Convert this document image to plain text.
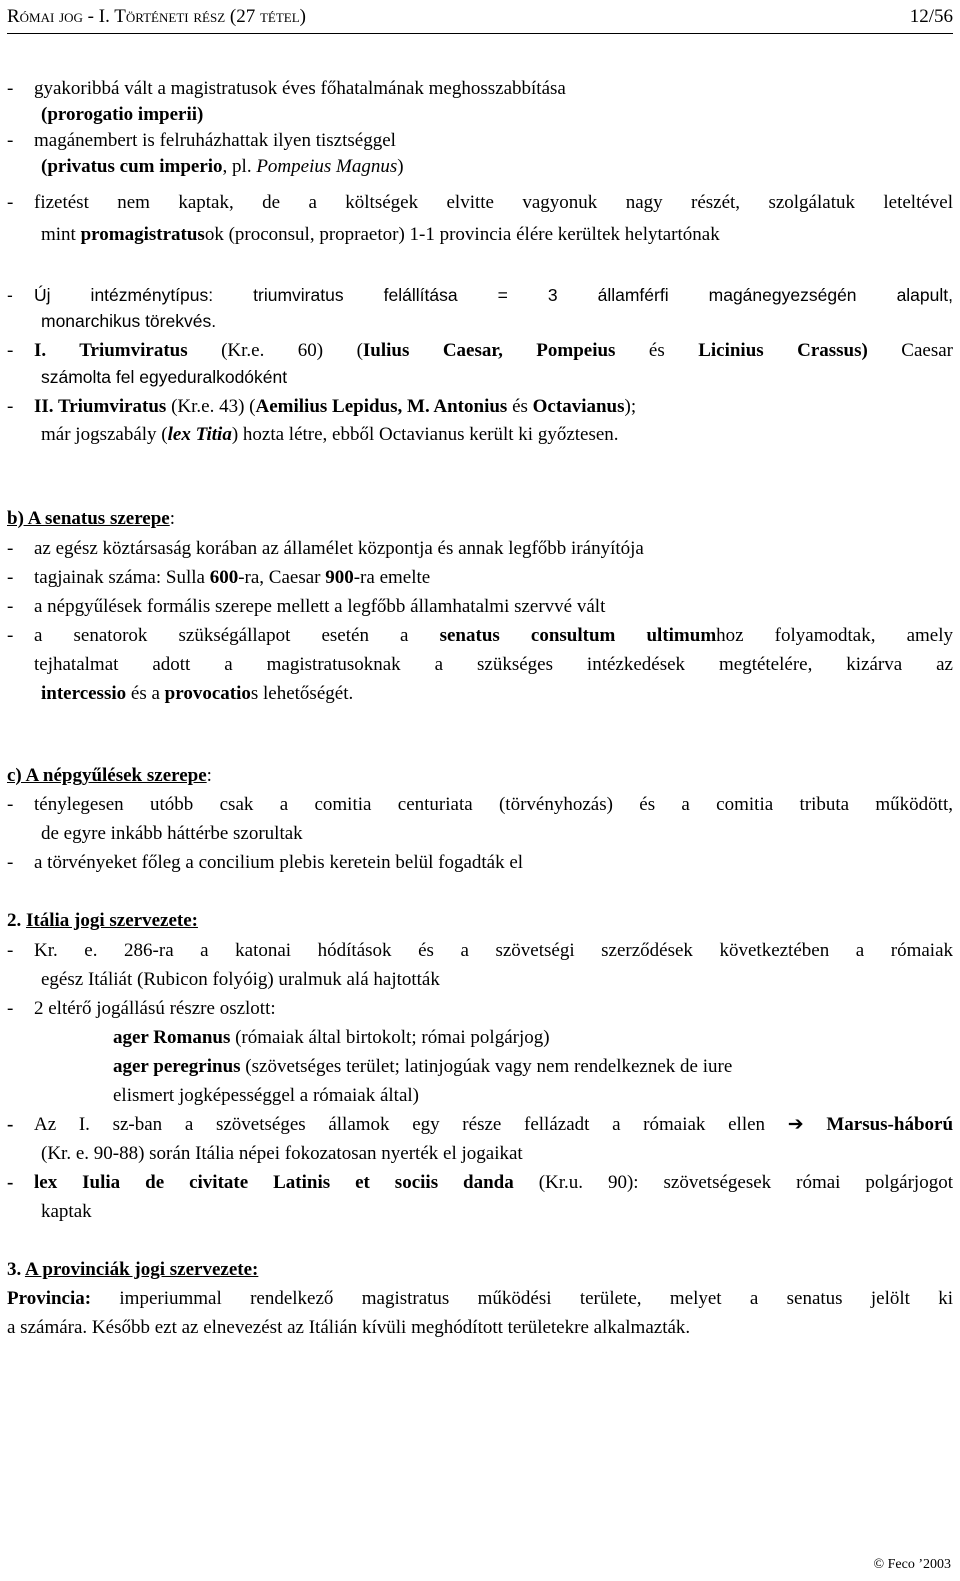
Római jog - I. Történeti rész (27 tétel)	12/56
- gyakoribbá vált a magistratusok éves főhatalmának meghosszabbítása
(prorogatio imperii)
- magánembert is felruházhattak ilyen tisztséggel
(privatus cum imperio, pl. Pompeius Magnus)
- fizetést nem kaptak, de a költségek elvitte vagyonuk nagy részét, szolgálatuk leteltével
mint promagistratusok (proconsul, propraetor) 1-1 provincia élére kerültek helytartónak
- Új intézménytípus: triumviratus felállítása = 3 államférfi magánegyezségén alapult,
monarchikus törekvés.
- I. Triumviratus (Kr.e. 60) (Iulius Caesar, Pompeius és Licinius Crassus) Caesar
számolta fel egyeduralkodóként
- II. Triumviratus (Kr.e. 43) (Aemilius Lepidus, M. Antonius és Octavianus);
már jogszabály (lex Titia) hozta létre, ebből Octavianus került ki győztesen.
b) A senatus szerepe:
- az egész köztársaság korában az államélet központja és annak legfőbb irányítója
- tagjainak száma: Sulla 600-ra, Caesar 900-ra emelte
- a népgyűlések formális szerepe mellett a legfőbb államhatalmi szervvé vált
- a senatorok szükségállapot esetén a senatus consultum ultimumhoz folyamodtak, amely
tejhatalmat adott a magistratusoknak a szükséges intézkedések megtételére, kizárva az
intercessio és a provocatios lehetőségét.
c) A népgyűlések szerepe:
- ténylegesen utóbb csak a comitia centuriata (törvényhozás) és a comitia tributa működött,
de egyre inkább háttérbe szorultak
- a törvényeket főleg a concilium plebis keretein belül fogadták el
2. Itália jogi szervezete:
- Kr. e. 286-ra a katonai hódítások és a szövetségi szerződések következtében a rómaiak
egész Itáliát (Rubicon folyóig) uralmuk alá hajtották
- 2 eltérő jogállású részre oszlott:
ager Romanus (rómaiak által birtokolt; római polgárjog)
ager peregrinus (szövetséges terület; latinjogúak vagy nem rendelkeznek de iure
elismert jogképességgel a rómaiak által)
- Az I. sz-ban a szövetséges államok egy része fellázadt a rómaiak ellen ➔ Marsus-háború
(Kr. e. 90-88) során Itália népei fokozatosan nyerték el jogaikat
- lex Iulia de civitate Latinis et sociis danda (Kr.u. 90): szövetségesek római polgárjogot
kaptak
3. A provinciák jogi szervezete:
Provincia: imperiummal rendelkező magistratus működési területe, melyet a senatus jelölt ki
a számára. Később ezt az elnevezést az Itálián kívüli meghódított területekre alkalmazták.
© Feco ’2003
